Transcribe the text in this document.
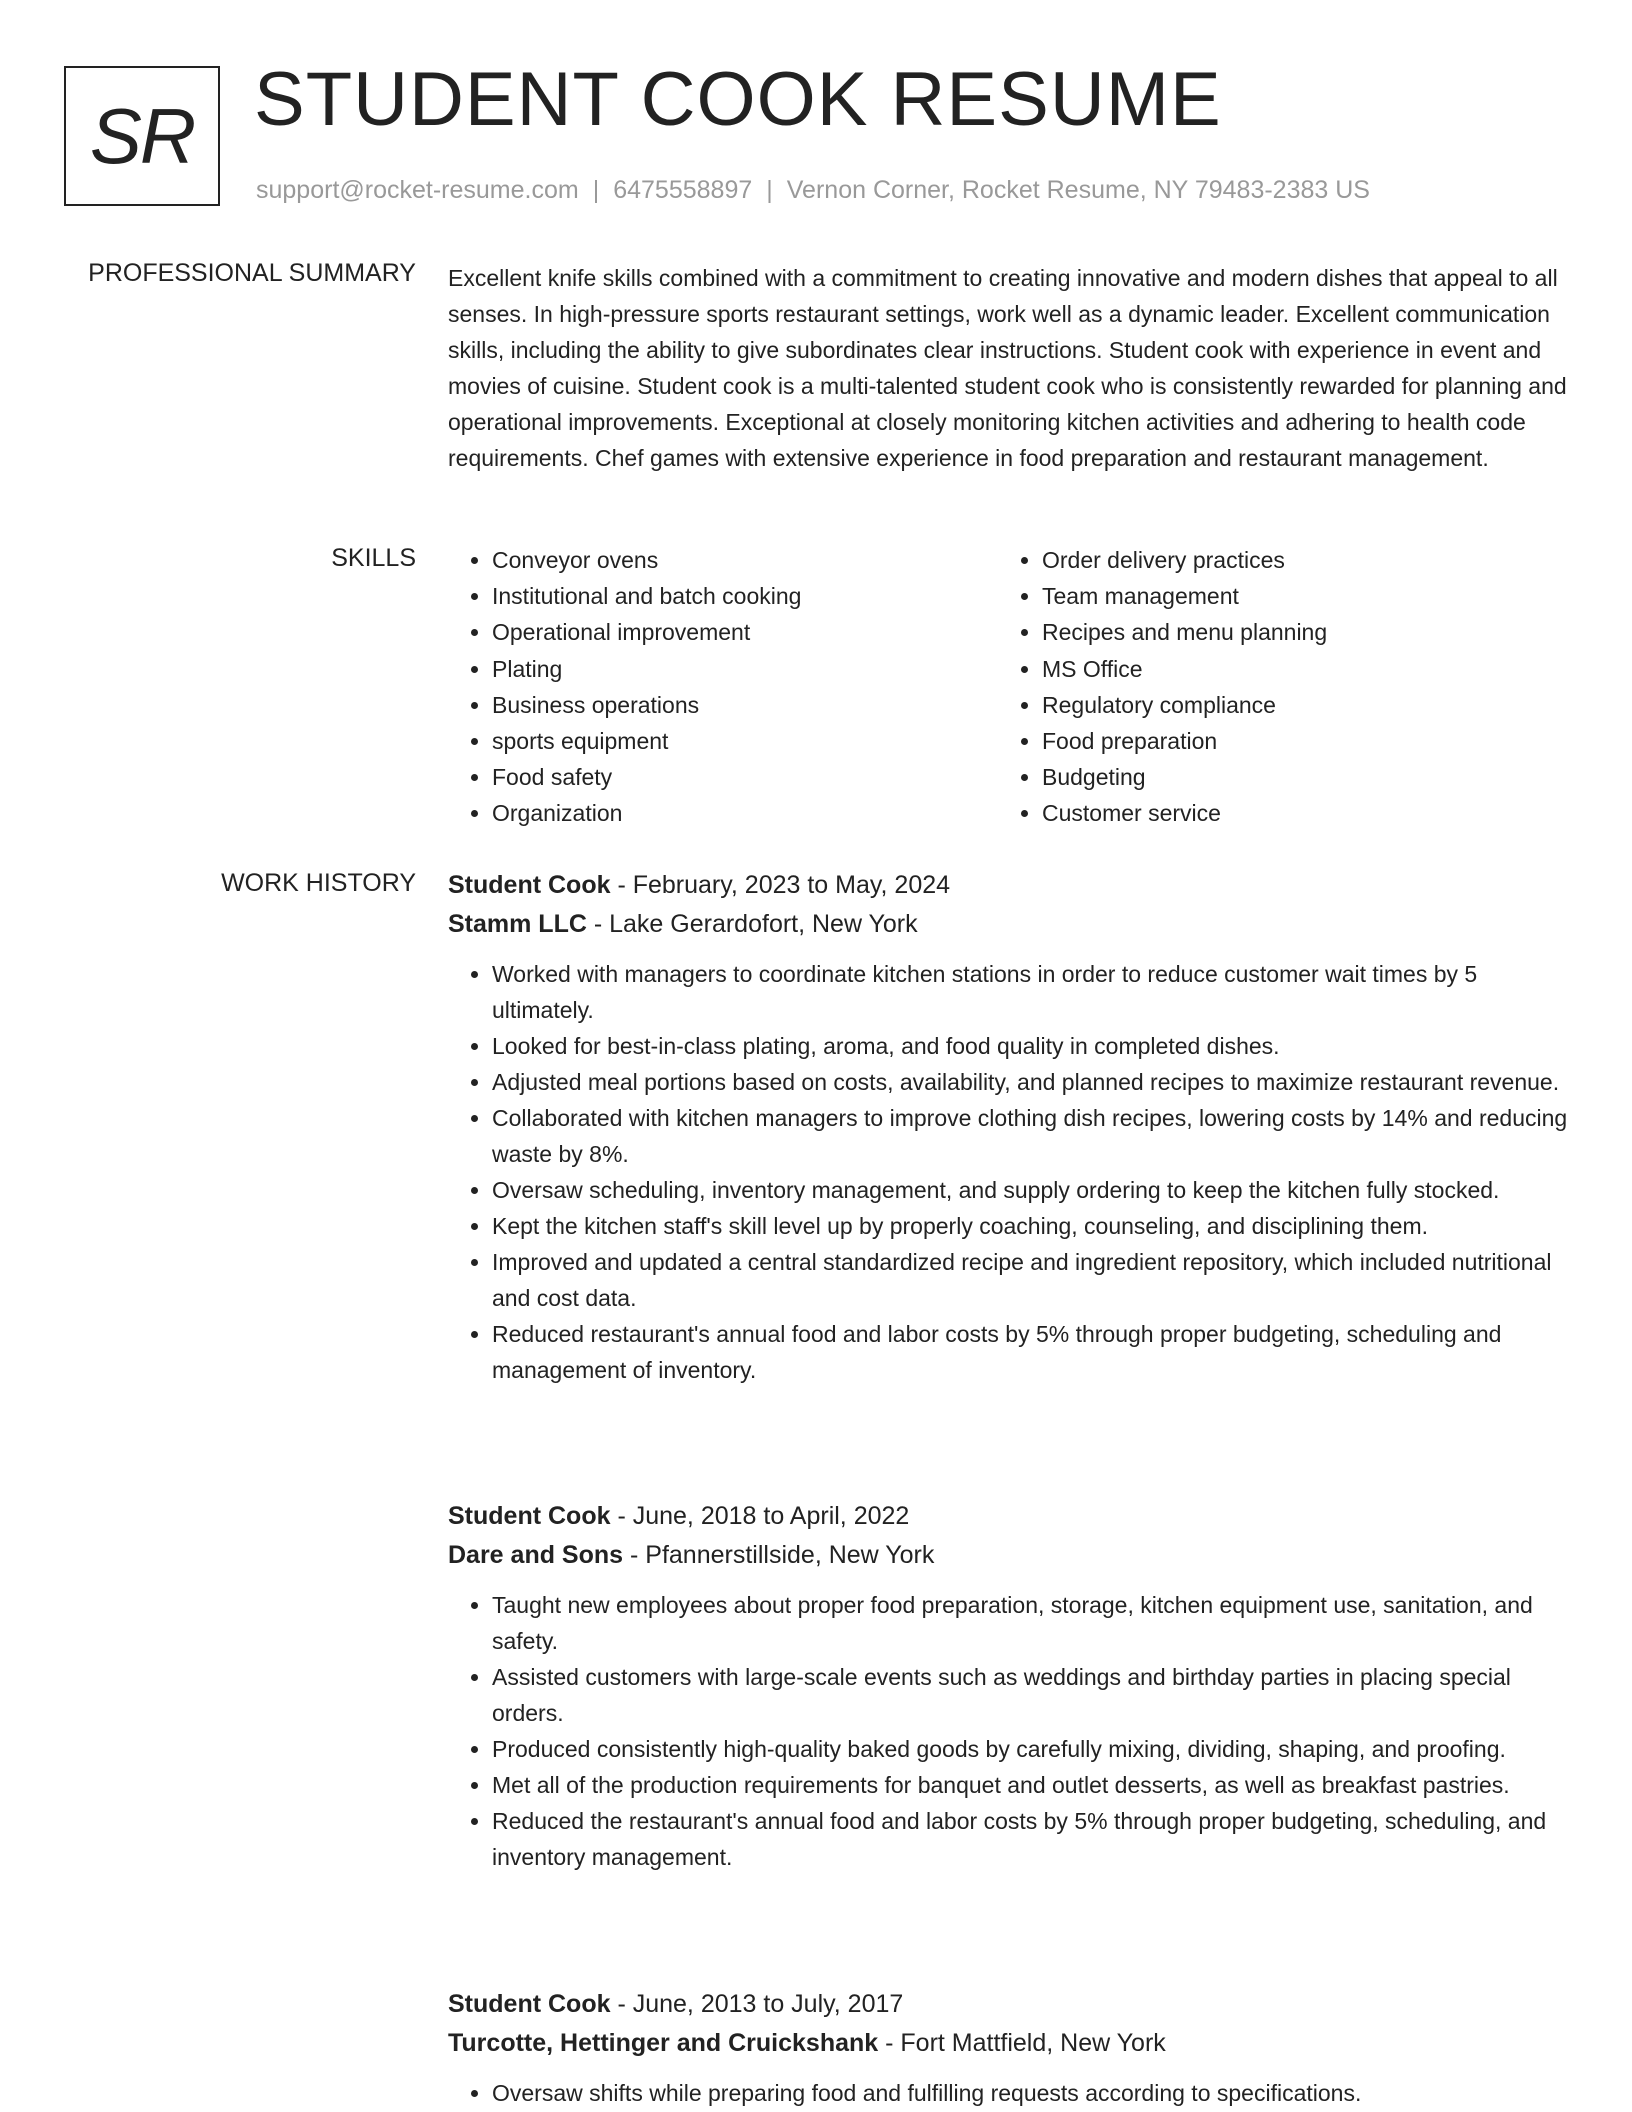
SR STUDENT COOK RESUME
support@rocket-resume.com | 6475558897 | Vernon Corner, Rocket Resume, NY 79483-2383 US
PROFESSIONAL SUMMARY Excellent knife skills combined with a commitment to creating innovative and modern dishes that appeal to all senses. In high-pressure sports restaurant settings, work well as a dynamic leader. Excellent communication skills, including the ability to give subordinates clear instructions. Student cook with experience in event and movies of cuisine. Student cook is a multi-talented student cook who is consistently rewarded for planning and operational improvements. Exceptional at closely monitoring kitchen activities and adhering to health code requirements. Chef games with extensive experience in food preparation and restaurant management.
SKILLS
•	Conveyor ovens
• Institutional and batch cooking
• Operational improvement
• Plating
• Business operations
• sports equipment
• Food safety
• Organization
• Order delivery practices
• Team management
• Recipes and menu planning
• MS Office
• Regulatory compliance
• Food preparation
• Budgeting
• Customer service
WORK HISTORY Student Cook - February, 2023 to May, 2024
Stamm LLC - Lake Gerardofort, New York
• Worked with managers to coordinate kitchen stations in order to reduce customer wait times by 5 ultimately.
• Looked for best-in-class plating, aroma, and food quality in completed dishes.
• Adjusted meal portions based on costs, availability, and planned recipes to maximize restaurant revenue.
• Collaborated with kitchen managers to improve clothing dish recipes, lowering costs by 14% and reducing waste by 8%.
• Oversaw scheduling, inventory management, and supply ordering to keep the kitchen fully stocked.
• Kept the kitchen staff's skill level up by properly coaching, counseling, and disciplining them.
• Improved and updated a central standardized recipe and ingredient repository, which included nutritional and cost data.
• Reduced restaurant's annual food and labor costs by 5% through proper budgeting, scheduling and management of inventory.
Student Cook - June, 2018 to April, 2022
Dare and Sons - Pfannerstillside, New York
• Taught new employees about proper food preparation, storage, kitchen equipment use, sanitation, and safety.
• Assisted customers with large-scale events such as weddings and birthday parties in placing special orders.
• Produced consistently high-quality baked goods by carefully mixing, dividing, shaping, and proofing.
• Met all of the production requirements for banquet and outlet desserts, as well as breakfast pastries.
• Reduced the restaurant's annual food and labor costs by 5% through proper budgeting, scheduling, and inventory management.
Student Cook - June, 2013 to July, 2017
Turcotte, Hettinger and Cruickshank - Fort Mattfield, New York
• Oversaw shifts while preparing food and fulfilling requests according to specifications.
